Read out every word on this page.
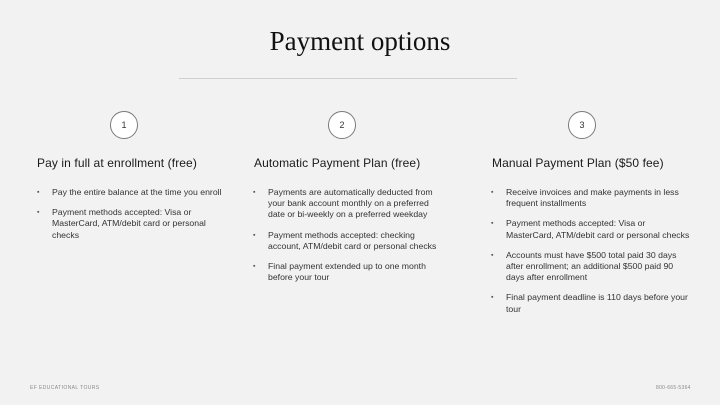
Payment options
1
Pay in full at enrollment (free)
▪ Pay the entire balance at the time you enroll
▪ Payment methods accepted: Visa or MasterCard, ATM/debit card or personal checks
2
Automatic Payment Plan (free)
▪ Payments are automatically deducted from your bank account monthly on a preferred date or bi-weekly on a preferred weekday
▪ Payment methods accepted: checking account, ATM/debit card or personal checks
▪ Final payment extended up to one month before your tour
3
Manual Payment Plan ($50 fee)
▪ Receive invoices and make payments in less frequent installments
▪ Payment methods accepted: Visa or MasterCard, ATM/debit card or personal checks
▪ Accounts must have $500 total paid 30 days after enrollment; an additional $500 paid 90 days after enrollment
▪ Final payment deadline is 110 days before your tour
EF EDUCATIONAL TOURS	800-665-5364
